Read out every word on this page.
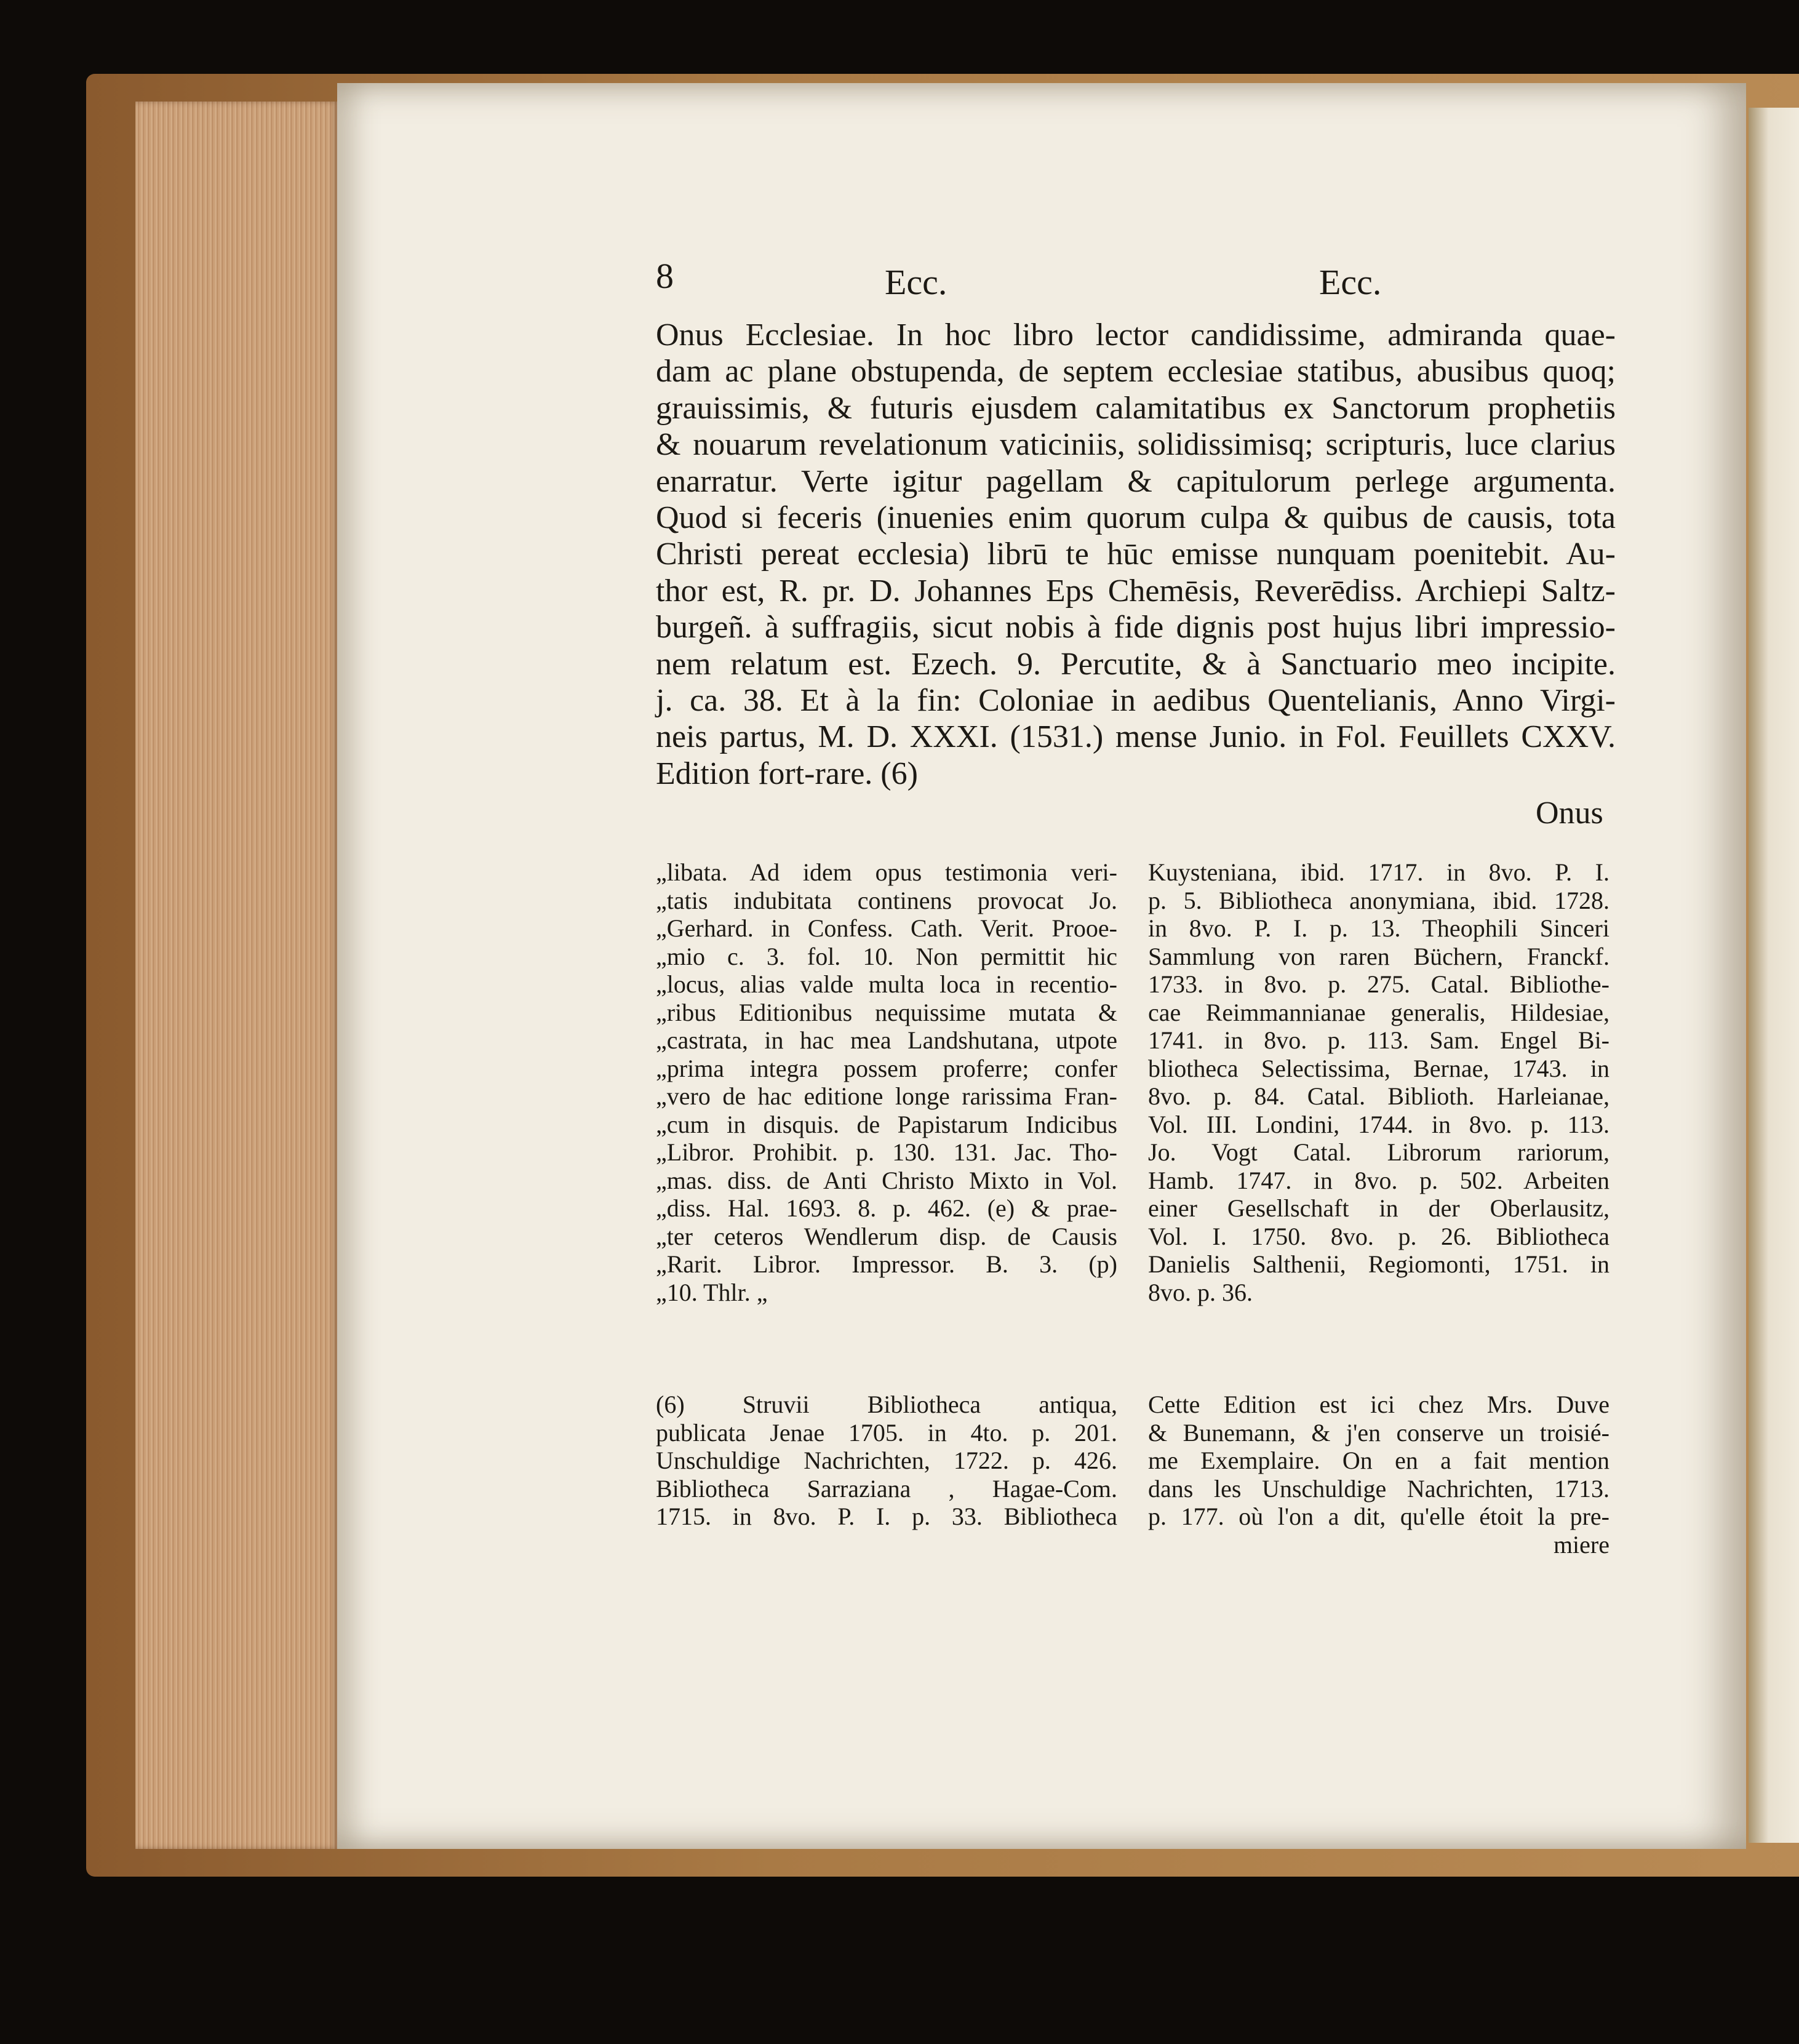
8	Ecc.	Ecc.
Onus Ecclesiae. In hoc libro lector candidissime, admiranda quae-
dam ac plane obstupenda, de septem ecclesiae statibus, abusibus quoq;
grauissimis, & futuris ejusdem calamitatibus ex Sanctorum prophetiis
& nouarum revelationum vaticiniis, solidissimisq; scripturis, luce clarius
enarratur. Verte igitur pagellam & capitulorum perlege argumenta.
Quod si feceris (inuenies enim quorum culpa & quibus de causis, tota
Christi pereat ecclesia) librū te hūc emisse nunquam poenitebit. Au-
thor est, R. pr. D. Johannes Eps Chemēsis, Reverēdiss. Archiepi Saltz-
burgeñ. à suffragiis, sicut nobis à fide dignis post hujus libri impressio-
nem relatum est. Ezech. 9. Percutite, & à Sanctuario meo incipite.
j. ca. 38. Et à la fin: Coloniae in aedibus Quentelianis, Anno Virgi-
neis partus, M. D. XXXI. (1531.) mense Junio. in Fol. Feuillets CXXV.
Edition fort-rare. (6)
Onus
„libata. Ad idem opus testimonia veri-
„tatis indubitata continens provocat Jo.
„Gerhard. in Confess. Cath. Verit. Prooe-
„mio c. 3. fol. 10. Non permittit hic
„locus, alias valde multa loca in recentio-
„ribus Editionibus nequissime mutata &
„castrata, in hac mea Landshutana, utpote
„prima integra possem proferre; confer
„vero de hac editione longe rarissima Fran-
„cum in disquis. de Papistarum Indicibus
„Libror. Prohibit. p. 130. 131. Jac. Tho-
„mas. diss. de Anti Christo Mixto in Vol.
„diss. Hal. 1693. 8. p. 462. (e) & prae-
„ter ceteros Wendlerum disp. de Causis
„Rarit. Libror. Impressor. B. 3. (p)
„10. Thlr. „
Kuysteniana, ibid. 1717. in 8vo. P. I.
p. 5. Bibliotheca anonymiana, ibid. 1728.
in 8vo. P. I. p. 13. Theophili Sinceri
Sammlung von raren Büchern, Franckf.
1733. in 8vo. p. 275. Catal. Bibliothe-
cae Reimmannianae generalis, Hildesiae,
1741. in 8vo. p. 113. Sam. Engel Bi-
bliotheca Selectissima, Bernae, 1743. in
8vo. p. 84. Catal. Biblioth. Harleianae,
Vol. III. Londini, 1744. in 8vo. p. 113.
Jo. Vogt Catal. Librorum rariorum,
Hamb. 1747. in 8vo. p. 502. Arbeiten
einer Gesellschaft in der Oberlausitz,
Vol. I. 1750. 8vo. p. 26. Bibliotheca
Danielis Salthenii, Regiomonti, 1751. in
8vo. p. 36.
(6) Struvii Bibliotheca antiqua,
publicata Jenae 1705. in 4to. p. 201.
Unschuldige Nachrichten, 1722. p. 426.
Bibliotheca Sarraziana , Hagae-Com.
1715. in 8vo. P. I. p. 33. Bibliotheca
Cette Edition est ici chez Mrs. Duve
& Bunemann, & j'en conserve un troisié-
me Exemplaire. On en a fait mention
dans les Unschuldige Nachrichten, 1713.
p. 177. où l'on a dit, qu'elle étoit la pre-
miere
